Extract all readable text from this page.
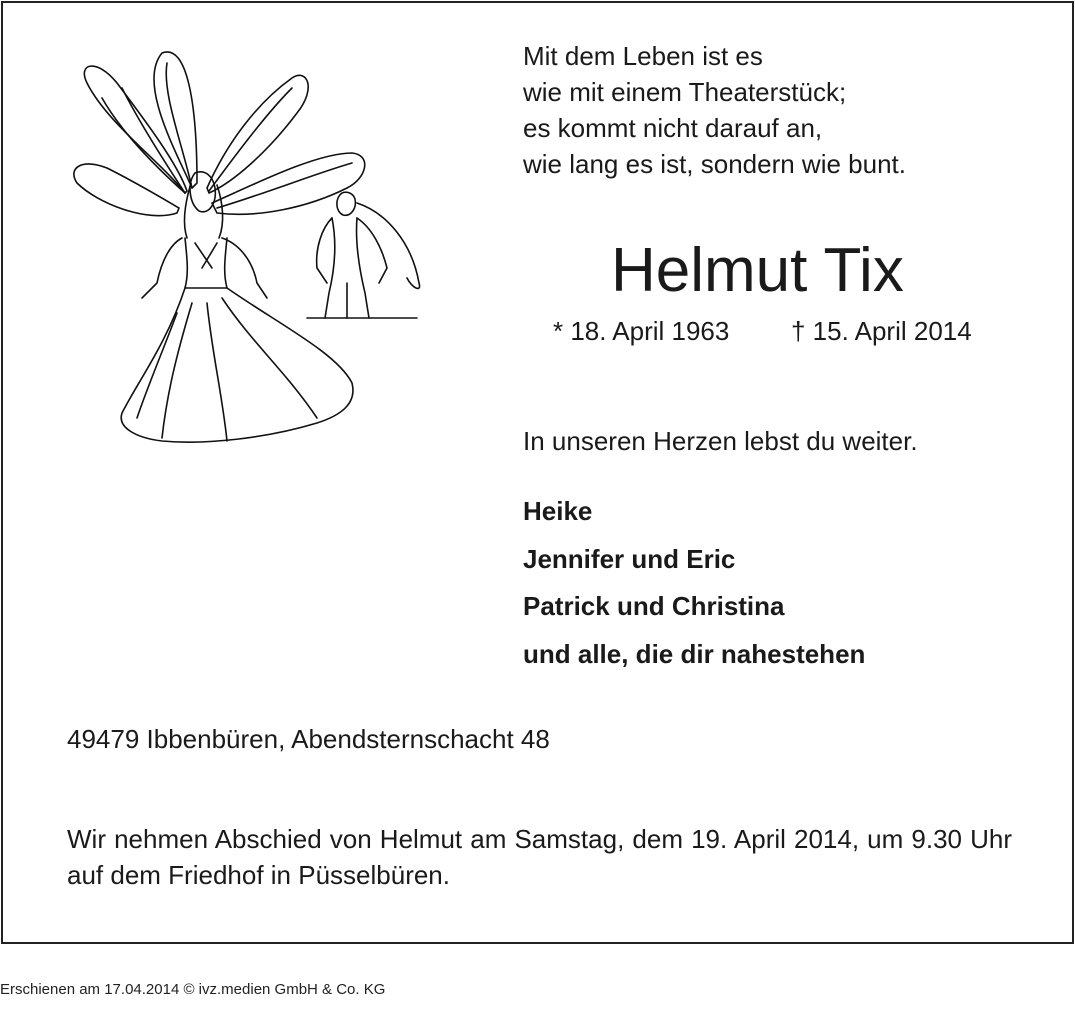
Mit dem Leben ist es
wie mit einem Theaterstück;
es kommt nicht darauf an,
wie lang es ist, sondern wie bunt.
Helmut Tix
* 18. April 1963 † 15. April 2014
In unseren Herzen lebst du weiter.
Heike
Jennifer und Eric
Patrick und Christina
und alle, die dir nahestehen
49479 Ibbenbüren, Abendsternschacht 48
Wir nehmen Abschied von Helmut am Samstag, dem 19. April 2014, um 9.30 Uhr auf dem Friedhof in Püsselbüren.
Erschienen am 17.04.2014 © ivz.medien GmbH & Co. KG
